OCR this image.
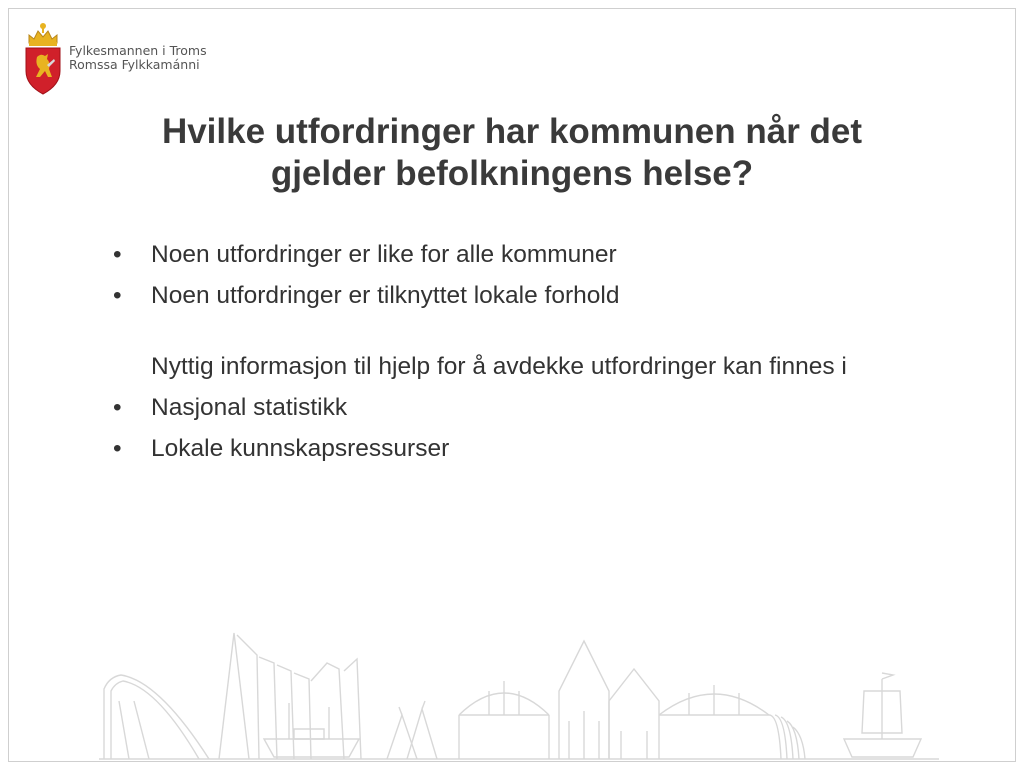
Fylkesmannen i Troms
Romssa Fylkkamánni
Hvilke utfordringer har kommunen når det
gjelder befolkningens helse?
• Noen utfordringer er like for alle kommuner
• Noen utfordringer er tilknyttet lokale forhold
Nyttig informasjon til hjelp for å avdekke utfordringer kan finnes i
• Nasjonal statistikk
• Lokale kunnskapsressurser
